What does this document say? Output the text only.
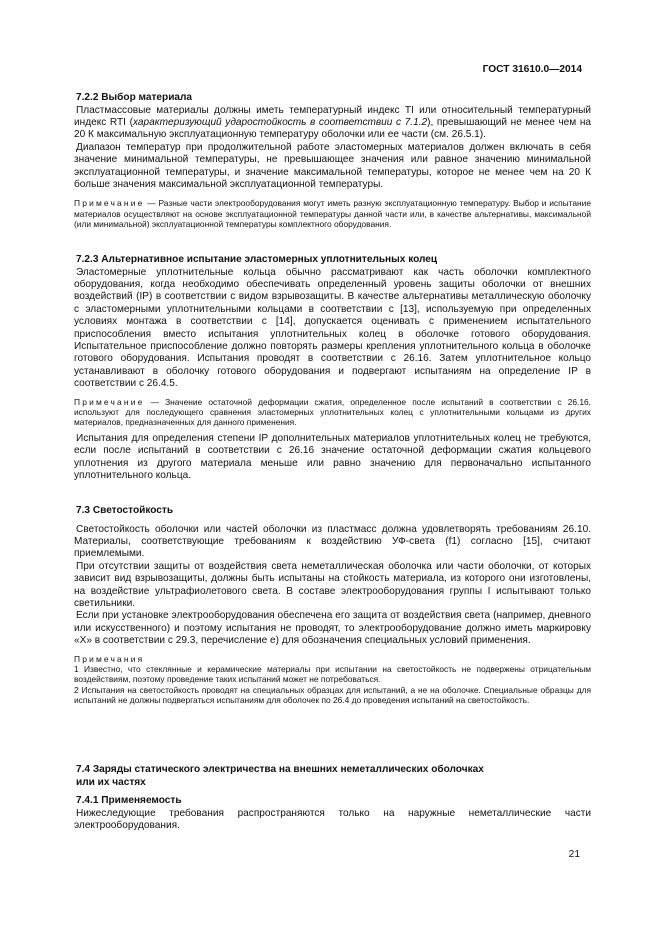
ГОСТ 31610.0—2014

7.2.2 Выбор материала

Пластмассовые материалы должны иметь температурный индекс TI или относительный температурный индекс RTI (характеризующий ударостойкость в соответствии с 7.1.2), превышающий не менее чем на 20 К максимальную эксплуатационную температуру оболочки или ее части (см. 26.5.1).

Диапазон температур при продолжительной работе эластомерных материалов должен включать в себя значение минимальной температуры, не превышающее значения или равное значению минимальной эксплуатационной температуры, и значение максимальной температуры, которое не менее чем на 20 К больше значения максимальной эксплуатационной температуры.

Примечание — Разные части электрооборудования могут иметь разную эксплуатационную температуру. Выбор и испытание материалов осуществляют на основе эксплуатационной температуры данной части или, в качестве альтернативы, максимальной (или минимальной) эксплуатационной температуры комплектного оборудования.

7.2.3 Альтернативное испытание эластомерных уплотнительных колец

Эластомерные уплотнительные кольца обычно рассматривают как часть оболочки комплектного оборудования, когда необходимо обеспечивать определенный уровень защиты оболочки от внешних воздействий (IP) в соответствии с видом взрывозащиты. В качестве альтернативы металлическую оболочку с эластомерными уплотнительными кольцами в соответствии с [13], используемую при определенных условиях монтажа в соответствии с [14], допускается оценивать с применением испытательного приспособления вместо испытания уплотнительных колец в оболочке готового оборудования. Испытательное приспособление должно повторять размеры крепления уплотнительного кольца в оболочке готового оборудования. Испытания проводят в соответствии с 26.16. Затем уплотнительное кольцо устанавливают в оболочку готового оборудования и подвергают испытаниям на определение IP в соответствии с 26.4.5.

Примечание — Значение остаточной деформации сжатия, определенное после испытаний в соответствии с 26.16, используют для последующего сравнения эластомерных уплотнительных колец с уплотнительными кольцами из других материалов, предназначенных для данного применения.

Испытания для определения степени IP дополнительных материалов уплотнительных колец не требуются, если после испытаний в соответствии с 26.16 значение остаточной деформации сжатия кольцевого уплотнения из другого материала меньше или равно значению для первоначально испытанного уплотнительного кольца.

7.3 Светостойкость

Светостойкость оболочки или частей оболочки из пластмасс должна удовлетворять требованиям 26.10. Материалы, соответствующие требованиям к воздействию УФ-света (f1) согласно [15], считают приемлемыми.

При отсутствии защиты от воздействия света неметаллическая оболочка или части оболочки, от которых зависит вид взрывозащиты, должны быть испытаны на стойкость материала, из которого они изготовлены, на воздействие ультрафиолетового света. В составе электрооборудования группы I испытывают только светильники.

Если при установке электрооборудования обеспечена его защита от воздействия света (например, дневного или искусственного) и поэтому испытания не проводят, то электрооборудование должно иметь маркировку «X» в соответствии с 29.3, перечисление е) для обозначения специальных условий применения.

Примечания

1 Известно, что стеклянные и керамические материалы при испытании на светостойкость не подвержены отрицательным воздействиям, поэтому проведение таких испытаний может не потребоваться.

2 Испытания на светостойкость проводят на специальных образцах для испытаний, а не на оболочке. Специальные образцы для испытаний не должны подвергаться испытаниям для оболочек по 26.4 до проведения испытаний на светостойкость.

7.4 Заряды статического электричества на внешних неметаллических оболочках

или их частях

7.4.1 Применяемость

Нижеследующие требования распространяются только на наружные неметаллические части электрооборудования.

21
